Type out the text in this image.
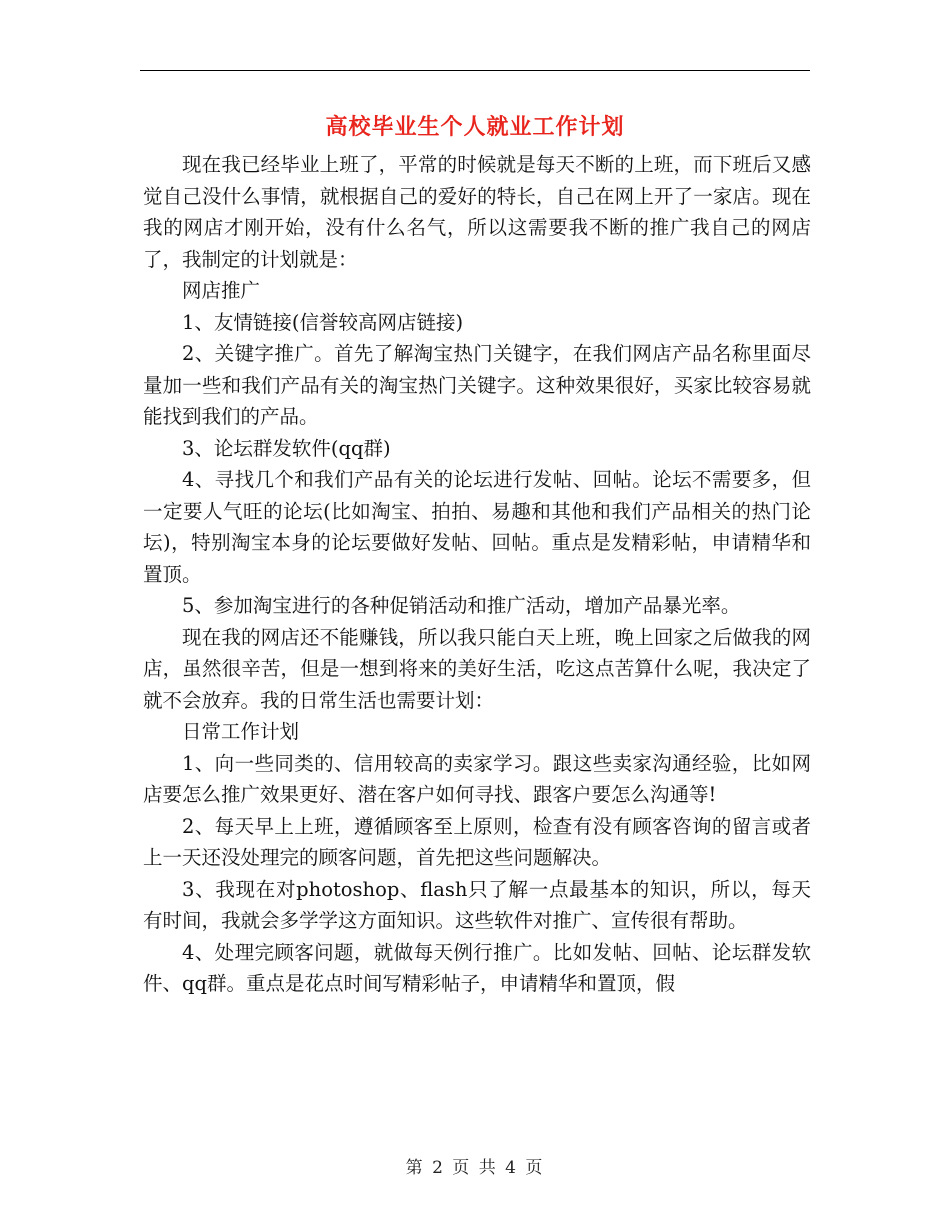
高校毕业生个人就业工作计划

现在我已经毕业上班了，平常的时候就是每天不断的上班，而下班后又感觉自己没什么事情，就根据自己的爱好的特长，自己在网上开了一家店。现在我的网店才刚开始，没有什么名气，所以这需要我不断的推广我自己的网店了，我制定的计划就是：

网店推广

1、友情链接(信誉较高网店链接)

2、关键字推广。首先了解淘宝热门关键字，在我们网店产品名称里面尽量加一些和我们产品有关的淘宝热门关键字。这种效果很好，买家比较容易就能找到我们的产品。

3、论坛群发软件(qq群)

4、寻找几个和我们产品有关的论坛进行发帖、回帖。论坛不需要多，但一定要人气旺的论坛(比如淘宝、拍拍、易趣和其他和我们产品相关的热门论坛)，特别淘宝本身的论坛要做好发帖、回帖。重点是发精彩帖，申请精华和置顶。

5、参加淘宝进行的各种促销活动和推广活动，增加产品暴光率。

现在我的网店还不能赚钱，所以我只能白天上班，晚上回家之后做我的网店，虽然很辛苦，但是一想到将来的美好生活，吃这点苦算什么呢，我决定了就不会放弃。我的日常生活也需要计划：

日常工作计划

1、向一些同类的、信用较高的卖家学习。跟这些卖家沟通经验，比如网店要怎么推广效果更好、潜在客户如何寻找、跟客户要怎么沟通等!

2、每天早上上班，遵循顾客至上原则，检查有没有顾客咨询的留言或者上一天还没处理完的顾客问题，首先把这些问题解决。

3、我现在对photoshop、flash只了解一点最基本的知识，所以，每天有时间，我就会多学学这方面知识。这些软件对推广、宣传很有帮助。

4、处理完顾客问题，就做每天例行推广。比如发帖、回帖、论坛群发软件、qq群。重点是花点时间写精彩帖子，申请精华和置顶，假

第 2 页 共 4 页
